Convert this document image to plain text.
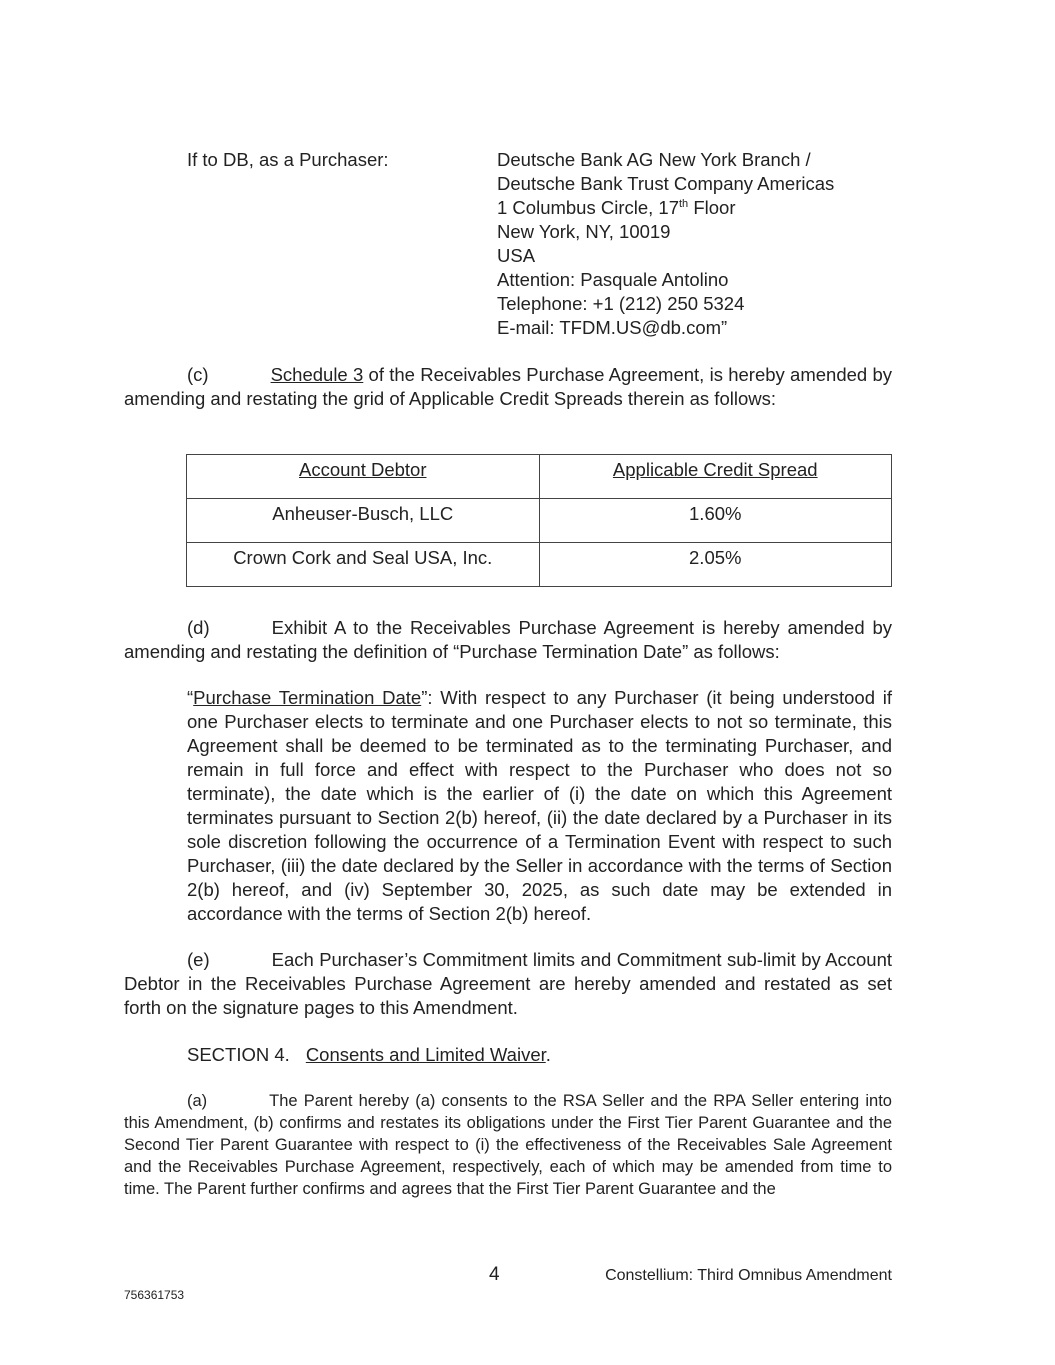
If to DB, as a Purchaser:	Deutsche Bank AG New York Branch /
Deutsche Bank Trust Company Americas
1 Columbus Circle, 17th Floor
New York, NY, 10019
USA
Attention: Pasquale Antolino
Telephone: +1 (212) 250 5324
E-mail: TFDM.US@db.com”
(c)	Schedule 3 of the Receivables Purchase Agreement, is hereby amended by amending and restating the grid of Applicable Credit Spreads therein as follows:
Account Debtor	Applicable Credit Spread
Anheuser-Busch, LLC	1.60%
Crown Cork and Seal USA, Inc.	2.05%
(d)	Exhibit A to the Receivables Purchase Agreement is hereby amended by amending and restating the definition of “Purchase Termination Date” as follows:
“Purchase Termination Date”: With respect to any Purchaser (it being understood if one Purchaser elects to terminate and one Purchaser elects to not so terminate, this Agreement shall be deemed to be terminated as to the terminating Purchaser, and remain in full force and effect with respect to the Purchaser who does not so terminate), the date which is the earlier of (i) the date on which this Agreement terminates pursuant to Section 2(b) hereof, (ii) the date declared by a Purchaser in its sole discretion following the occurrence of a Termination Event with respect to such Purchaser, (iii) the date declared by the Seller in accordance with the terms of Section 2(b) hereof, and (iv) September 30, 2025, as such date may be extended in accordance with the terms of Section 2(b) hereof.
(e)	Each Purchaser’s Commitment limits and Commitment sub-limit by Account Debtor in the Receivables Purchase Agreement are hereby amended and restated as set forth on the signature pages to this Amendment.
SECTION 4. Consents and Limited Waiver.
(a)	The Parent hereby (a) consents to the RSA Seller and the RPA Seller entering into this Amendment, (b) confirms and restates its obligations under the First Tier Parent Guarantee and the Second Tier Parent Guarantee with respect to (i) the effectiveness of the Receivables Sale Agreement and the Receivables Purchase Agreement, respectively, each of which may be amended from time to time. The Parent further confirms and agrees that the First Tier Parent Guarantee and the
4	Constellium: Third Omnibus Amendment
756361753
